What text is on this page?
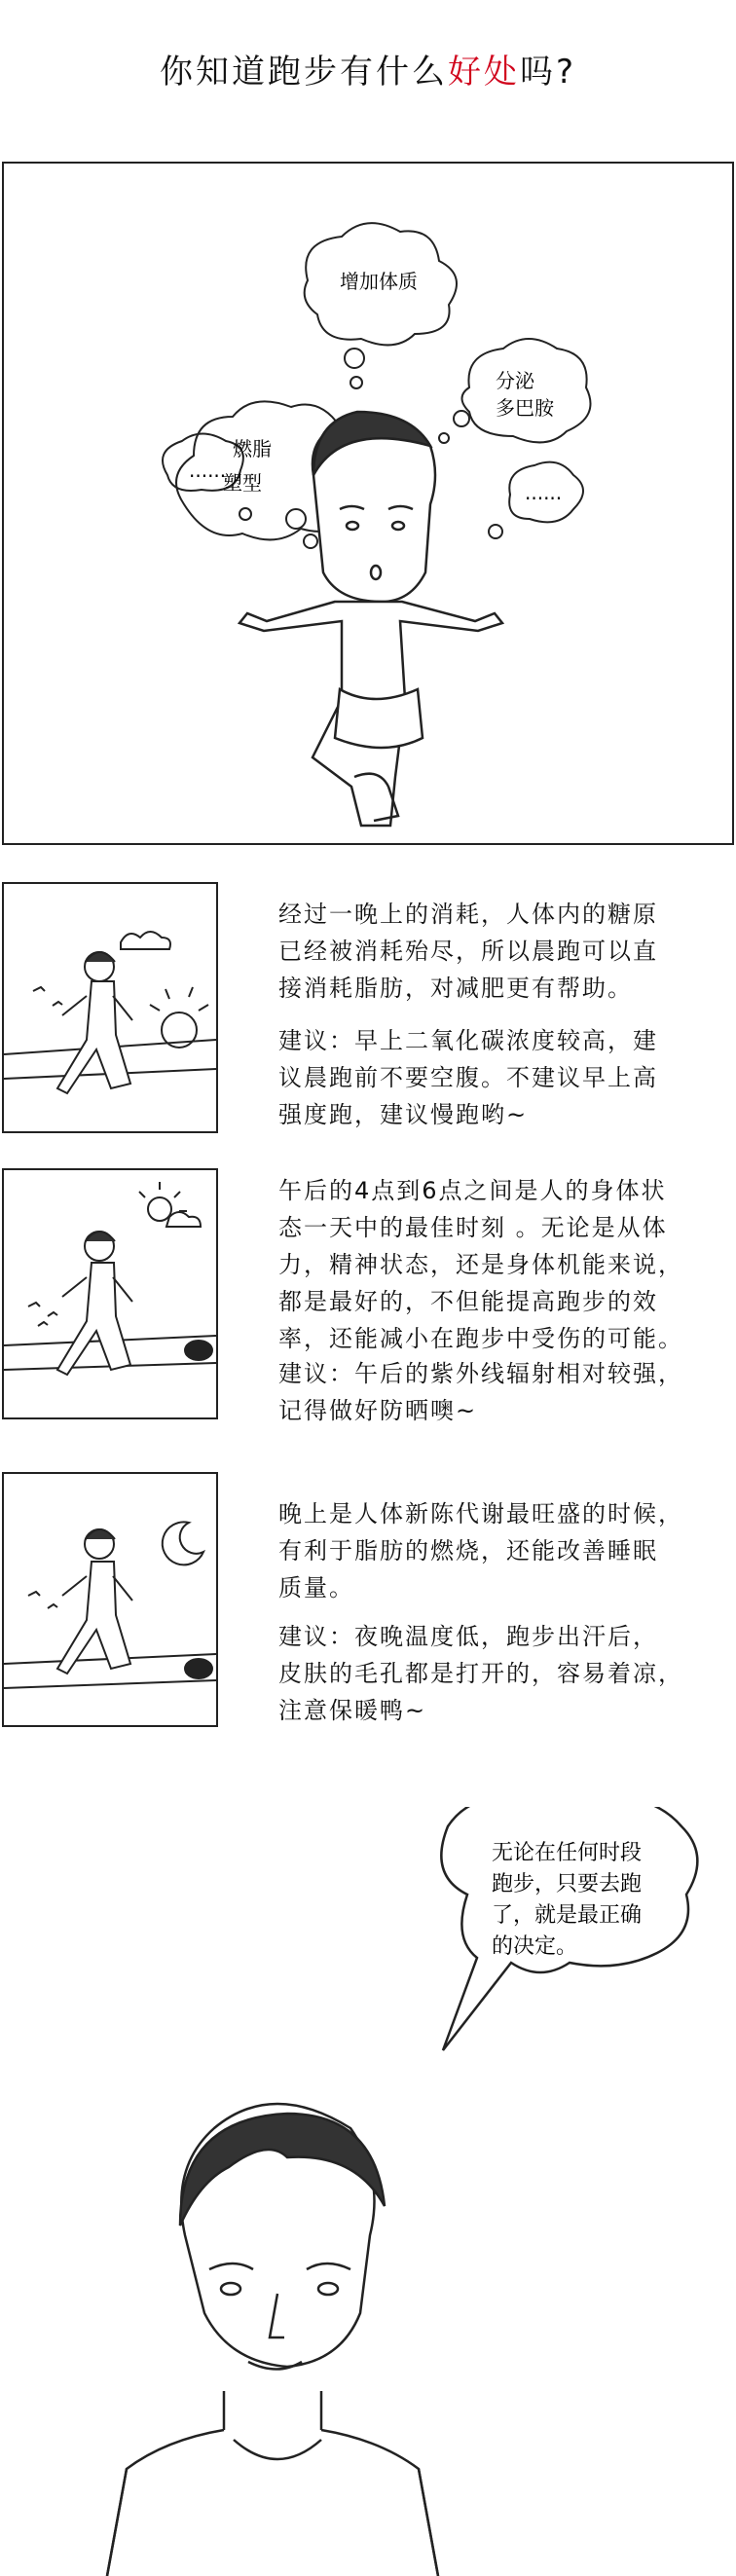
你知道跑步有什么好处吗?
燃脂
塑型
增加体质
分泌
多巴胺
......
......
经过一晚上的消耗，人体内的糖原
已经被消耗殆尽，所以晨跑可以直
接消耗脂肪，对减肥更有帮助。
建议：早上二氧化碳浓度较高，建
议晨跑前不要空腹。不建议早上高
强度跑，建议慢跑哟~
午后的4点到6点之间是人的身体状
态一天中的最佳时刻 。无论是从体
力，精神状态，还是身体机能来说，
都是最好的，不但能提高跑步的效
率，还能减小在跑步中受伤的可能。
建议：午后的紫外线辐射相对较强，
记得做好防晒噢~
晚上是人体新陈代谢最旺盛的时候，
有利于脂肪的燃烧，还能改善睡眠
质量。
建议：夜晚温度低，跑步出汗后，
皮肤的毛孔都是打开的，容易着凉，
注意保暖鸭~
无论在任何时段跑步，只要去跑了，就是最正确的决定。
